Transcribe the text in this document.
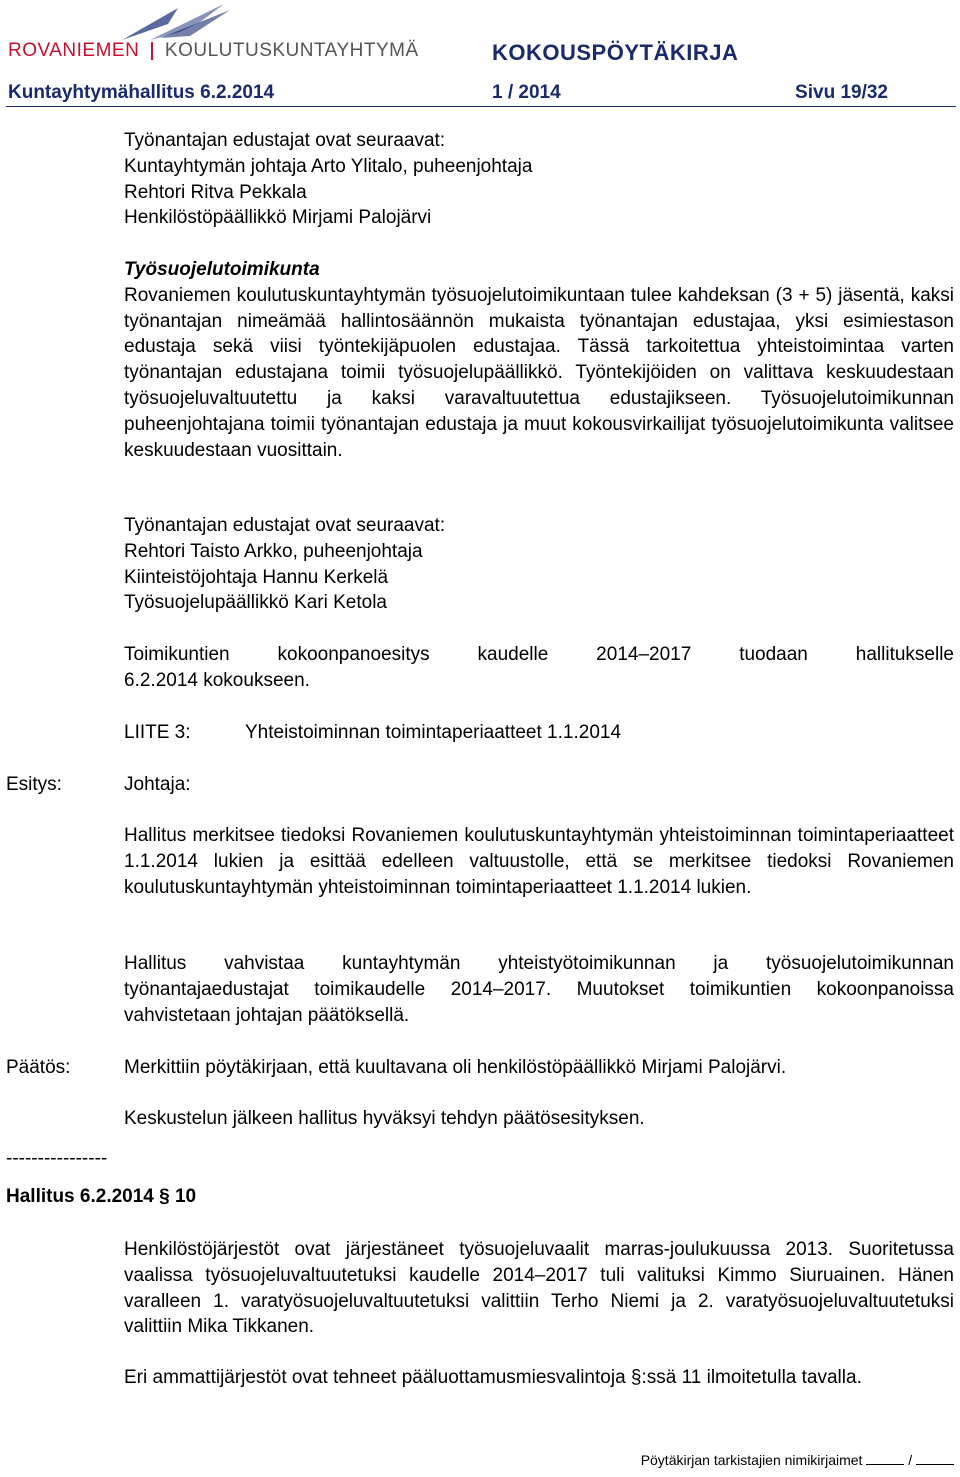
ROVANIEMEN KOULUTUSKUNTAYHTYMÄ	KOKOUSPÖYTÄKIRJA
Kuntayhtymähallitus 6.2.2014	1 / 2014	Sivu 19/32
Työnantajan edustajat ovat seuraavat:
Kuntayhtymän johtaja Arto Ylitalo, puheenjohtaja
Rehtori Ritva Pekkala
Henkilöstöpäällikkö Mirjami Palojärvi
Työsuojelutoimikunta
Rovaniemen koulutuskuntayhtymän työsuojelutoimikuntaan tulee kahdeksan (3 + 5) jäsentä, kaksi työnantajan nimeämää hallintosäännön mukaista työnantajan edustajaa, yksi esimiestason edustaja sekä viisi työntekijäpuolen edustajaa. Tässä tarkoitettua yhteistoimintaa varten työnantajan edustajana toimii työsuojelupäällikkö. Työntekijöiden on valittava keskuudestaan työsuojeluvaltuutettu ja kaksi varavaltuutettua edustajikseen. Työsuojelutoimikunnan puheenjohtajana toimii työnantajan edustaja ja muut kokousvirkailijat työsuojelutoimikunta valitsee keskuudestaan vuosittain.
Työnantajan edustajat ovat seuraavat:
Rehtori Taisto Arkko, puheenjohtaja
Kiinteistöjohtaja Hannu Kerkelä
Työsuojelupäällikkö Kari Ketola
Toimikuntien kokoonpanoesitys kaudelle 2014–2017 tuodaan hallitukselle
6.2.2014 kokoukseen.
LIITE 3:	Yhteistoiminnan toimintaperiaatteet 1.1.2014
Esitys:	Johtaja:
Hallitus merkitsee tiedoksi Rovaniemen koulutuskuntayhtymän yhteistoiminnan toimintaperiaatteet 1.1.2014 lukien ja esittää edelleen valtuustolle, että se merkitsee tiedoksi Rovaniemen koulutuskuntayhtymän yhteistoiminnan toimintaperiaatteet 1.1.2014 lukien.
Hallitus vahvistaa kuntayhtymän yhteistyötoimikunnan ja työsuojelutoimikunnan työnantajaedustajat toimikaudelle 2014–2017. Muutokset toimikuntien kokoonpanoissa vahvistetaan johtajan päätöksellä.
Päätös:	Merkittiin pöytäkirjaan, että kuultavana oli henkilöstöpäällikkö Mirjami Palojärvi.
Keskustelun jälkeen hallitus hyväksyi tehdyn päätösesityksen.
----------------
Hallitus 6.2.2014 § 10
Henkilöstöjärjestöt ovat järjestäneet työsuojeluvaalit marras-joulukuussa 2013. Suoritetussa vaalissa työsuojeluvaltuutetuksi kaudelle 2014–2017 tuli valituksi Kimmo Siuruainen. Hänen varalleen 1. varatyösuojeluvaltuutetuksi valittiin Terho Niemi ja 2. varatyösuojeluvaltuutetuksi valittiin Mika Tikkanen.
Eri ammattijärjestöt ovat tehneet pääluottamusmiesvalintoja §:ssä 11 ilmoitetulla tavalla.
Pöytäkirjan tarkistajien nimikirjaimet	/
